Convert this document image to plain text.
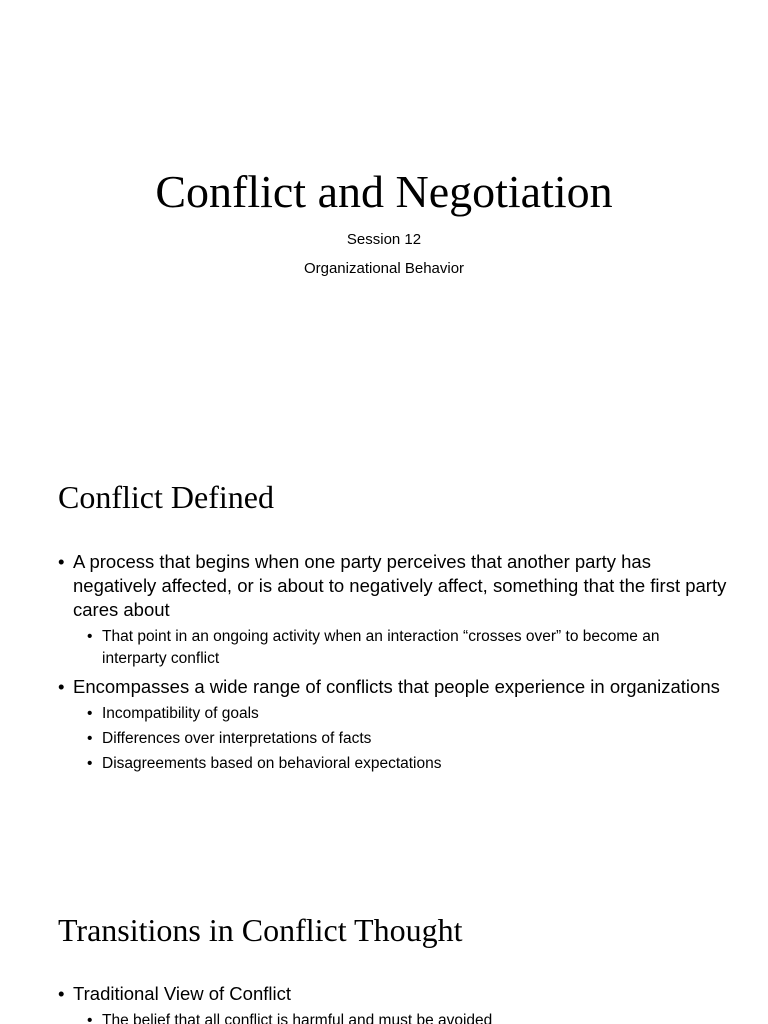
Conflict and Negotiation

Session 12

Organizational Behavior

Conflict Defined
• A process that begins when one party perceives that another party has negatively affected, or is about to negatively affect, something that the first party cares about
• That point in an ongoing activity when an interaction “crosses over” to become an interparty conflict
• Encompasses a wide range of conflicts that people experience in organizations
• Incompatibility of goals
• Differences over interpretations of facts
• Disagreements based on behavioral expectations
Transitions in Conflict Thought
• Traditional View of Conflict
• The belief that all conflict is harmful and must be avoided
